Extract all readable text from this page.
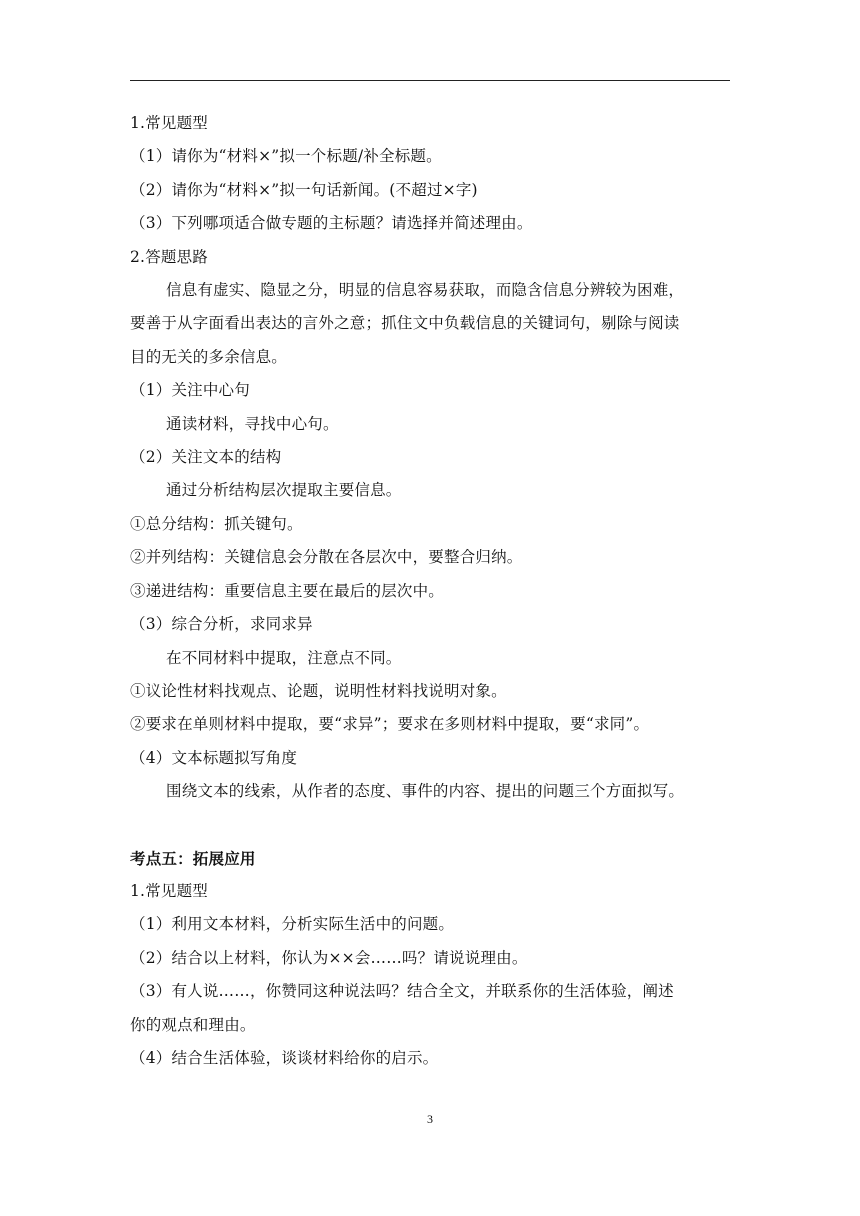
1.常见题型
（1）请你为“材料×”拟一个标题/补全标题。
（2）请你为“材料×”拟一句话新闻。(不超过×字)
（3）下列哪项适合做专题的主标题？请选择并简述理由。
2.答题思路
信息有虚实、隐显之分，明显的信息容易获取，而隐含信息分辨较为困难，
要善于从字面看出表达的言外之意；抓住文中负载信息的关键词句，剔除与阅读
目的无关的多余信息。
（1）关注中心句
通读材料，寻找中心句。
（2）关注文本的结构
通过分析结构层次提取主要信息。
①总分结构：抓关键句。
②并列结构：关键信息会分散在各层次中，要整合归纳。
③递进结构：重要信息主要在最后的层次中。
（3）综合分析，求同求异
在不同材料中提取，注意点不同。
①议论性材料找观点、论题，说明性材料找说明对象。
②要求在单则材料中提取，要“求异”；要求在多则材料中提取，要“求同”。
（4）文本标题拟写角度
围绕文本的线索，从作者的态度、事件的内容、提出的问题三个方面拟写。
考点五：拓展应用
1.常见题型
（1）利用文本材料，分析实际生活中的问题。
（2）结合以上材料，你认为××会……吗？请说说理由。
（3）有人说……，你赞同这种说法吗？结合全文，并联系你的生活体验，阐述
你的观点和理由。
（4）结合生活体验，谈谈材料给你的启示。
3
